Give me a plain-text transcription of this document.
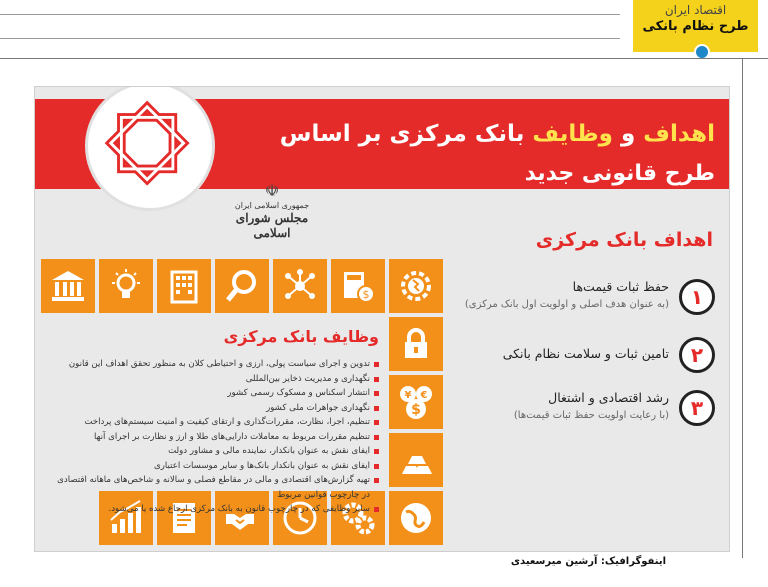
اقتصاد ایران
طرح نظام بانکی
اهداف و وظایف بانک مرکزی بر اساس
طرح قانونی جدید
☫
جمهوری اسلامی ایران
مجلس شورای اسلامی	اهداف بانک مرکزی
۱
حفظ ثبات قیمت‌ها
(به عنوان هدف اصلی و اولویت اول بانک مرکزی)
۲
تامین ثبات و سلامت نظام بانکی
۳
رشد اقتصادی و اشتغال
(با رعایت اولویت حفظ ثبات قیمت‌ها)
$
¥ €
$
وظایف بانک مرکزی
تدوین و اجرای سیاست پولی، ارزی و احتیاطی کلان به منظور تحقق اهداف این قانون
نگهداری و مدیریت ذخایر بین‌المللی
انتشار اسکناس و مسکوک رسمی کشور
نگهداری جواهرات ملی کشور
تنظیم، اجرا، نظارت، مقررات‌گذاری و ارتقای کیفیت و امنیت سیستم‌های پرداخت
تنظیم مقررات مربوط به معاملات دارایی‌های طلا و ارز و نظارت بر اجرای آنها
ایفای نقش به عنوان بانکدار، نماینده مالی و مشاور دولت
ایفای نقش به عنوان بانکدار بانک‌ها و سایر موسسات اعتباری
تهیه گزارش‌های اقتصادی و مالی در مقاطع فصلی و سالانه و شاخص‌های ماهانه اقتصادی
در چارچوب قوانین مربوط
سایر وظایفی که در چارچوب قانون به بانک مرکزی ارجاع شده یا می‌شود.
اینفوگرافیک: آرشین میرسعیدی
